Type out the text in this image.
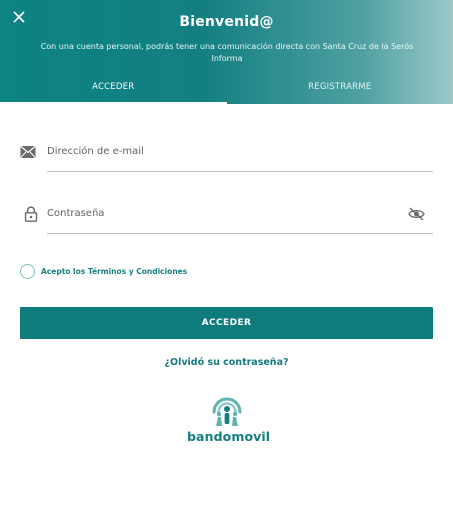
Bienvenid@
Con una cuenta personal, podrás tener una comunicación directa con Santa Cruz de la Serós Informa
ACCEDER	REGISTRARME
Dirección de e-mail
Acepto los Términos y Condiciones
ACCEDER
¿Olvidó su contraseña?
bandomovil
